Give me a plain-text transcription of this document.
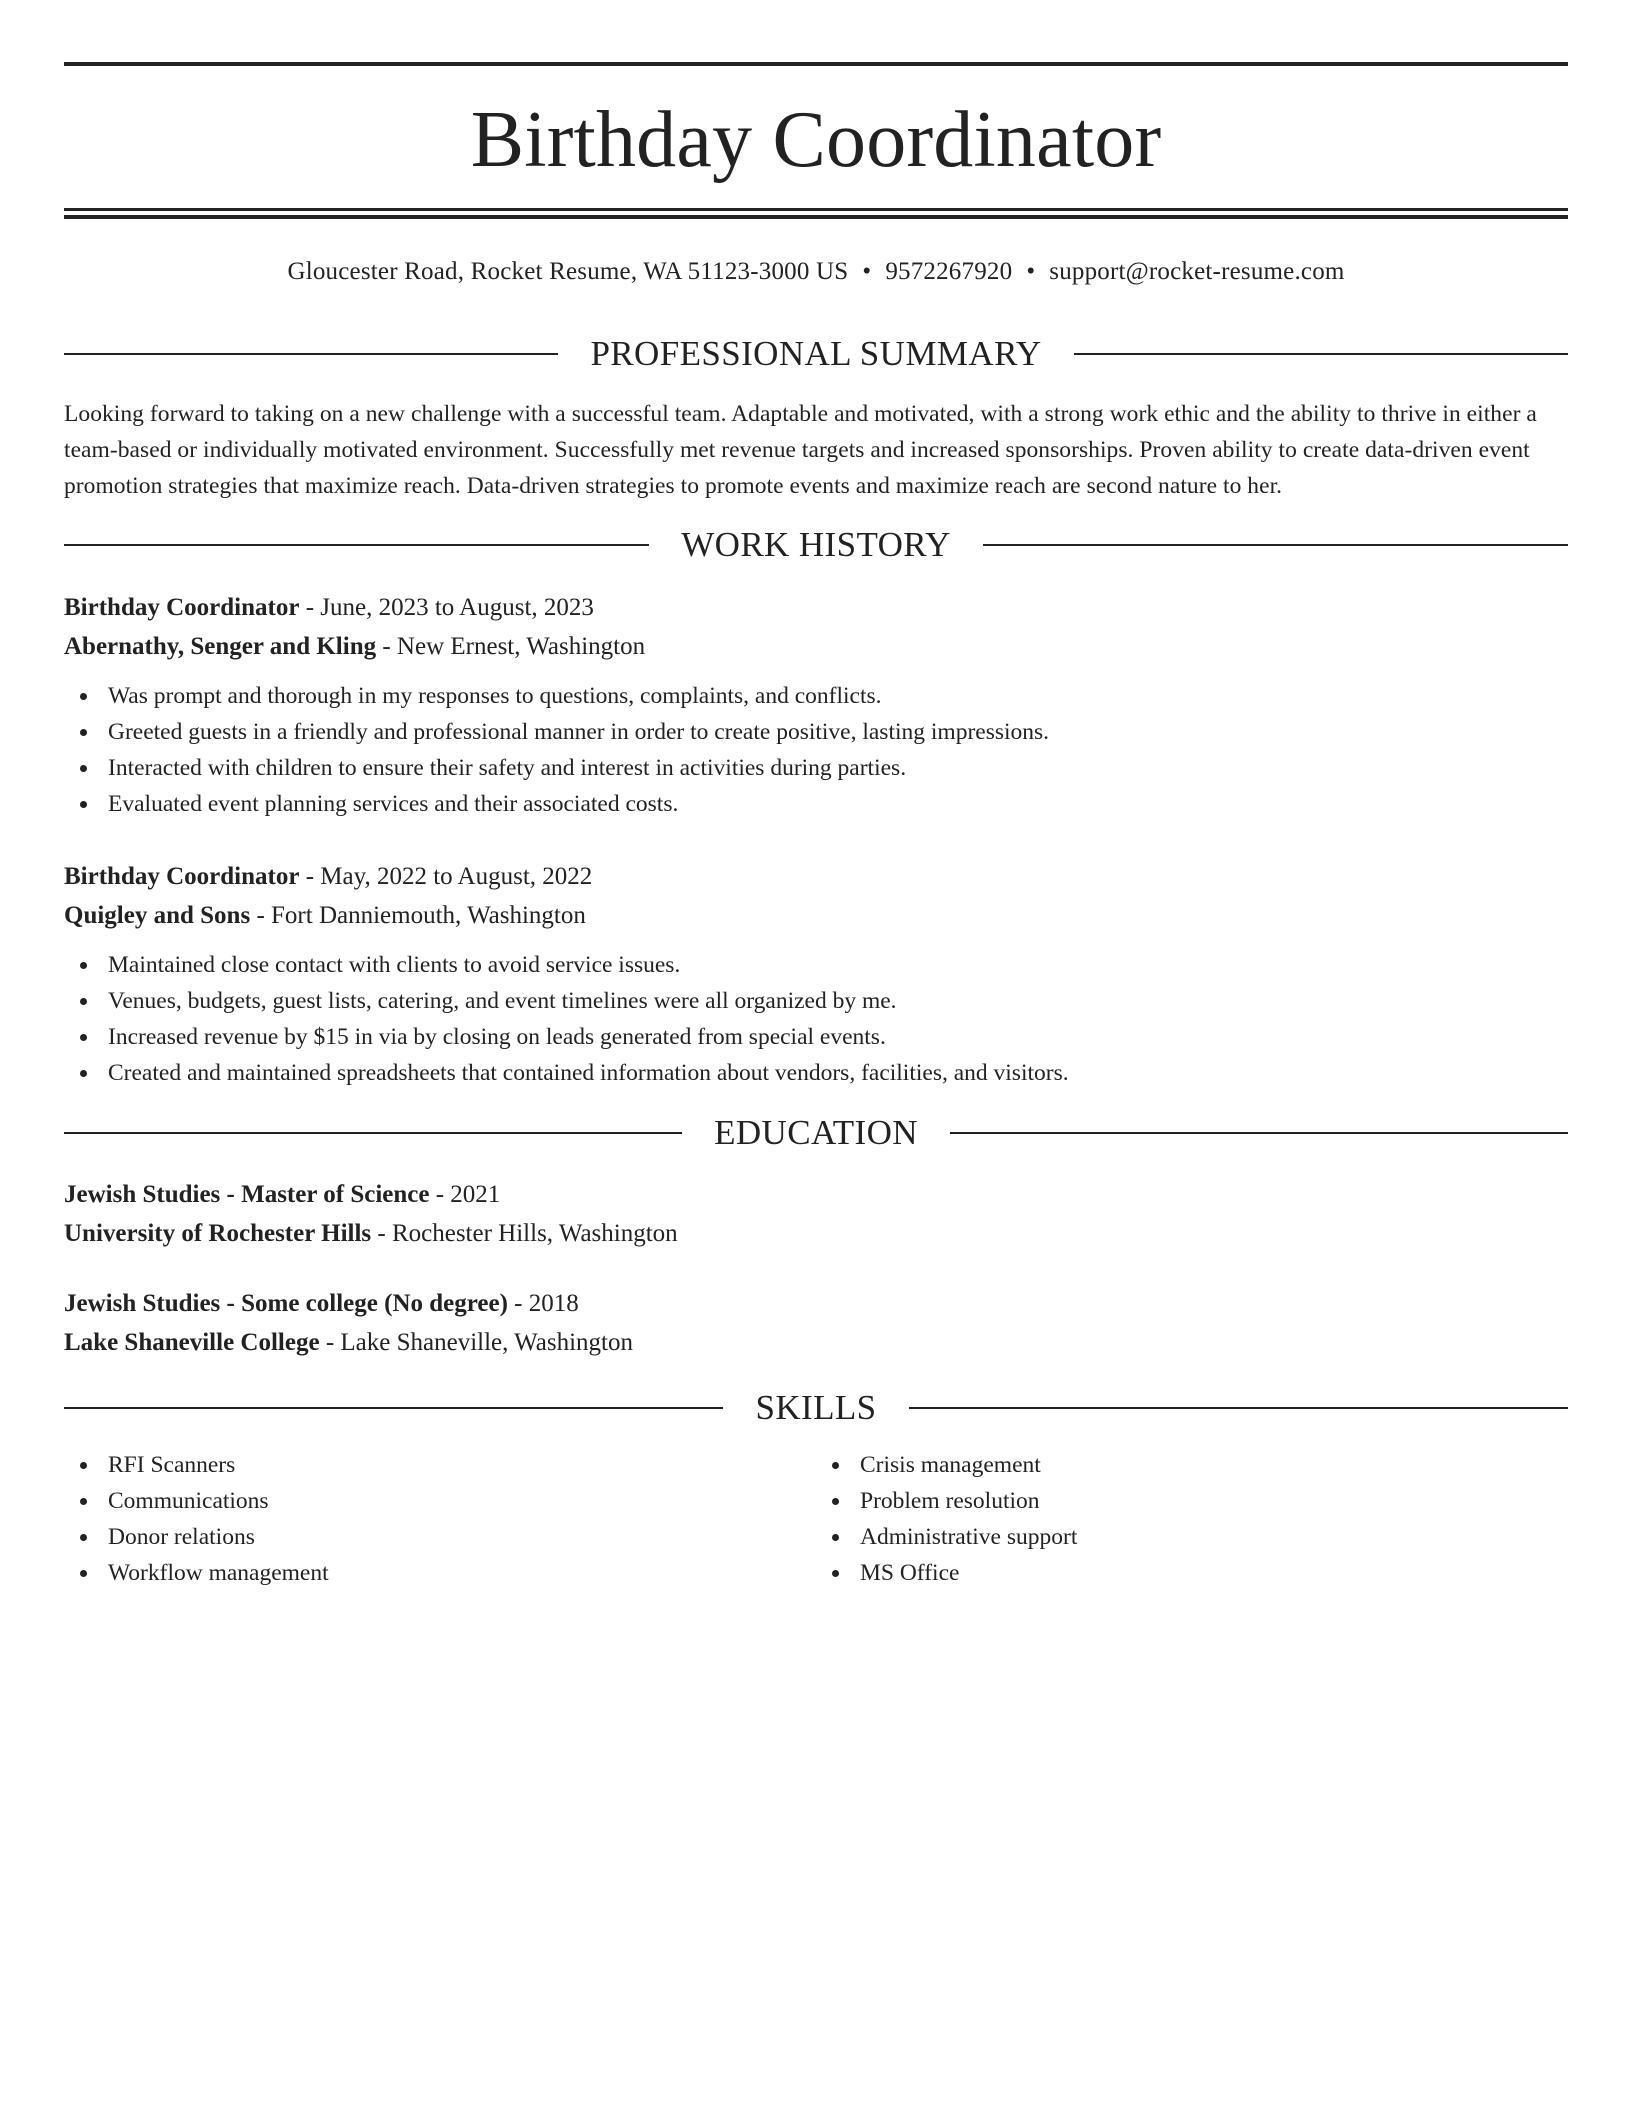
Birthday Coordinator
Gloucester Road, Rocket Resume, WA 51123-3000 US • 9572267920 • support@rocket-resume.com
PROFESSIONAL SUMMARY

Looking forward to taking on a new challenge with a successful team. Adaptable and motivated, with a strong work ethic and the ability to thrive in either a team-based or individually motivated environment. Successfully met revenue targets and increased sponsorships. Proven ability to create data-driven event promotion strategies that maximize reach. Data-driven strategies to promote events and maximize reach are second nature to her.

WORK HISTORY
Birthday Coordinator - June, 2023 to August, 2023
Abernathy, Senger and Kling - New Ernest, Washington
Was prompt and thorough in my responses to questions, complaints, and conflicts.
Greeted guests in a friendly and professional manner in order to create positive, lasting impressions.
Interacted with children to ensure their safety and interest in activities during parties.
Evaluated event planning services and their associated costs.
Birthday Coordinator - May, 2022 to August, 2022
Quigley and Sons - Fort Danniemouth, Washington
Maintained close contact with clients to avoid service issues.
Venues, budgets, guest lists, catering, and event timelines were all organized by me.
Increased revenue by $15 in via by closing on leads generated from special events.
Created and maintained spreadsheets that contained information about vendors, facilities, and visitors.
EDUCATION
Jewish Studies - Master of Science - 2021
University of Rochester Hills - Rochester Hills, Washington
Jewish Studies - Some college (No degree) - 2018
Lake Shaneville College - Lake Shaneville, Washington
SKILLS
RFI Scanners
Communications
Donor relations
Workflow management
Crisis management
Problem resolution
Administrative support
MS Office
